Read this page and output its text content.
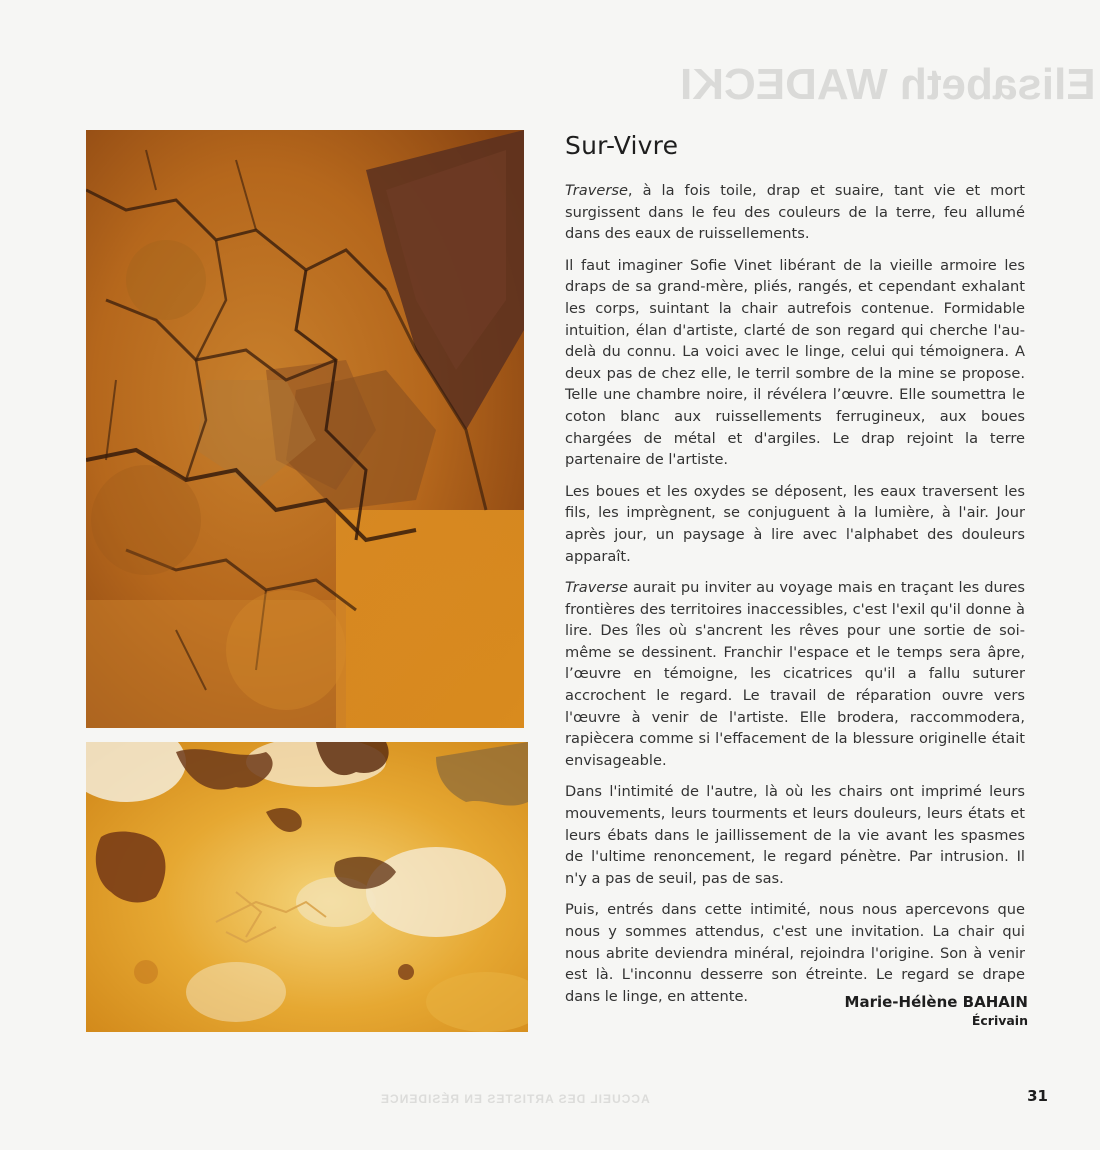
Elisabeth WADECKI
Sur-Vivre

Traverse, à la fois toile, drap et suaire, tant vie et mort surgissent dans le feu des couleurs de la terre, feu allumé dans des eaux de ruissellements.

Il faut imaginer Sofie Vinet libérant de la vieille armoire les draps de sa grand-mère, pliés, rangés, et cependant exhalant les corps, suintant la chair autrefois contenue. Formidable intuition, élan d'artiste, clarté de son regard qui cherche l'au-delà du connu. La voici avec le linge, celui qui témoignera. A deux pas de chez elle, le terril sombre de la mine se propose. Telle une chambre noire, il révélera l’œuvre. Elle soumettra le coton blanc aux ruissellements ferrugineux, aux boues chargées de métal et d'argiles. Le drap rejoint la terre partenaire de l'artiste.

Les boues et les oxydes se déposent, les eaux traversent les fils, les imprègnent, se conjuguent à la lumière, à l'air. Jour après jour, un paysage à lire avec l'alphabet des douleurs apparaît.

Traverse aurait pu inviter au voyage mais en traçant les dures frontières des territoires inaccessibles, c'est l'exil qu'il donne à lire. Des îles où s'ancrent les rêves pour une sortie de soi-même se dessinent. Franchir l'espace et le temps sera âpre, l’œuvre en témoigne, les cicatrices qu'il a fallu suturer accrochent le regard. Le travail de réparation ouvre vers l'œuvre à venir de l'artiste. Elle brodera, raccommodera, rapiècera comme si l'effacement de la blessure originelle était envisageable.

Dans l'intimité de l'autre, là où les chairs ont imprimé leurs mouvements, leurs tourments et leurs douleurs, leurs états et leurs ébats dans le jaillissement de la vie avant les spasmes de l'ultime renoncement, le regard pénètre. Par intrusion. Il n'y a pas de seuil, pas de sas.

Puis, entrés dans cette intimité, nous nous apercevons que nous y sommes attendus, c'est une invitation. La chair qui nous abrite deviendra minéral, rejoindra l'origine. Son à venir est là. L'inconnu desserre son étreinte. Le regard se drape dans le linge, en attente.	Marie-Hélène BAHAIN
Écrivain
ACCUEIL DES ARTISTES EN RÉSIDENCE	31
